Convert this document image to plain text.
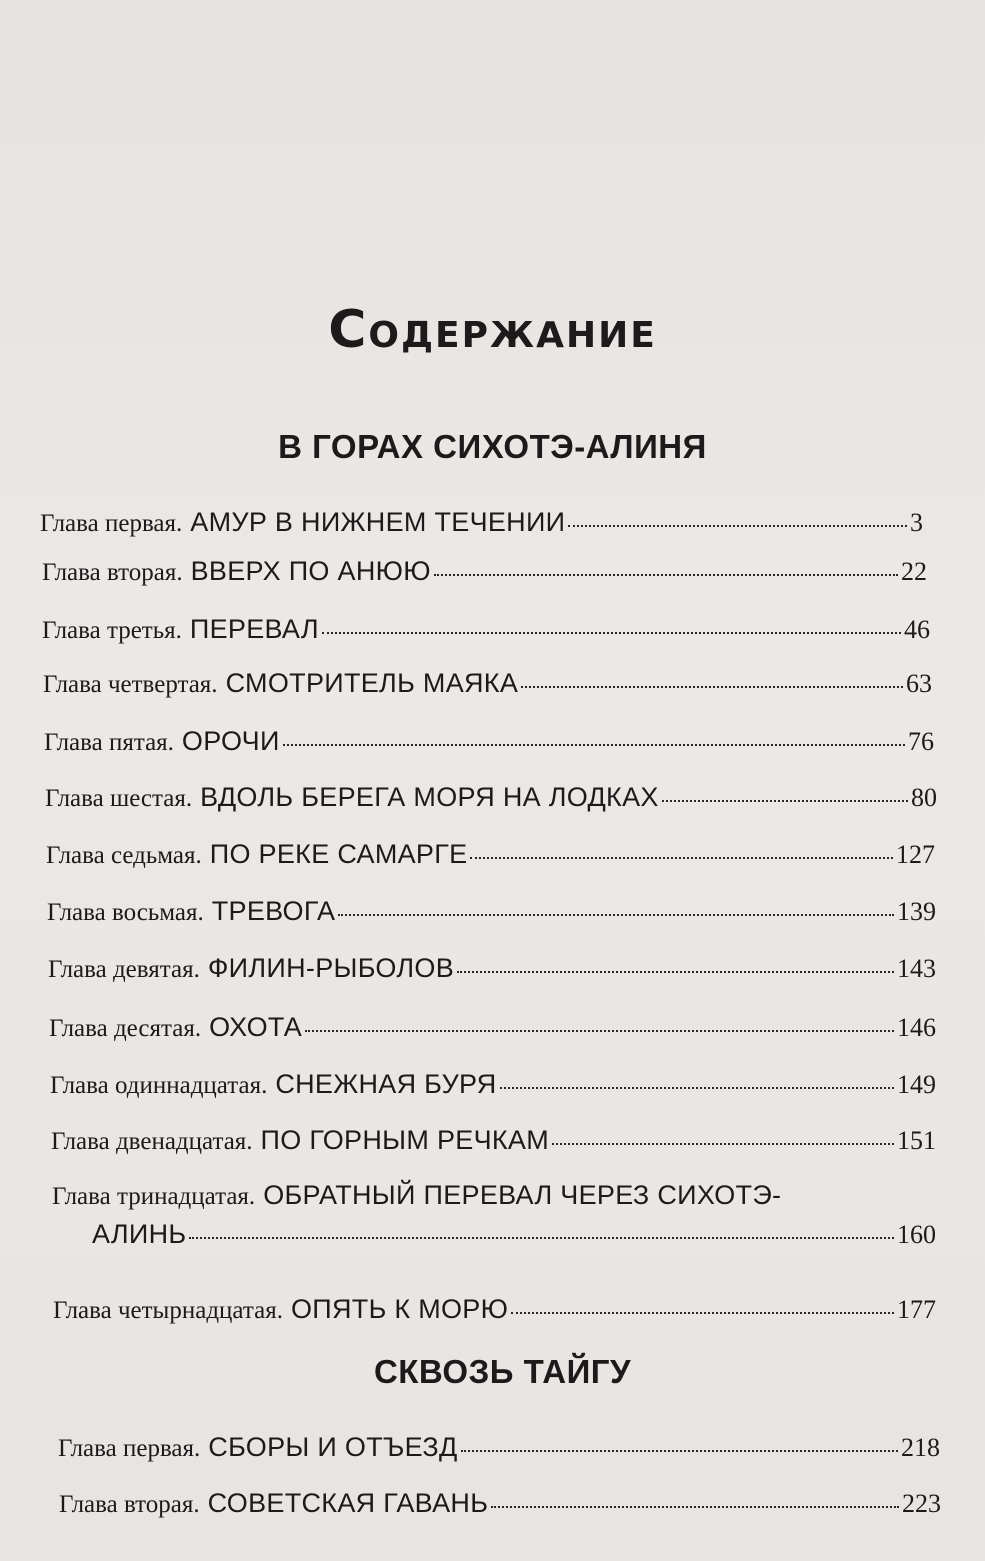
Содержание
В ГОРАХ СИХОТЭ-АЛИНЯ
Глава первая. АМУР В НИЖНЕМ ТЕЧЕНИИ	3
Глава вторая. ВВЕРХ ПО АНЮЮ	22
Глава третья. ПЕРЕВАЛ	46
Глава четвертая. СМОТРИТЕЛЬ МАЯКА	63
Глава пятая. ОРОЧИ	76
Глава шестая. ВДОЛЬ БЕРЕГА МОРЯ НА ЛОДКАХ	80
Глава седьмая. ПО РЕКЕ САМАРГЕ	127
Глава восьмая. ТРЕВОГА	139
Глава девятая. ФИЛИН-РЫБОЛОВ	143
Глава десятая. ОХОТА	146
Глава одиннадцатая. СНЕЖНАЯ БУРЯ	149
Глава двенадцатая. ПО ГОРНЫМ РЕЧКАМ	151
Глава тринадцатая. ОБРАТНЫЙ ПЕРЕВАЛ ЧЕРЕЗ СИХОТЭ-
АЛИНЬ	160
Глава четырнадцатая. ОПЯТЬ К МОРЮ	177
СКВОЗЬ ТАЙГУ
Глава первая. СБОРЫ И ОТЪЕЗД	218
Глава вторая. СОВЕТСКАЯ ГАВАНЬ	223
